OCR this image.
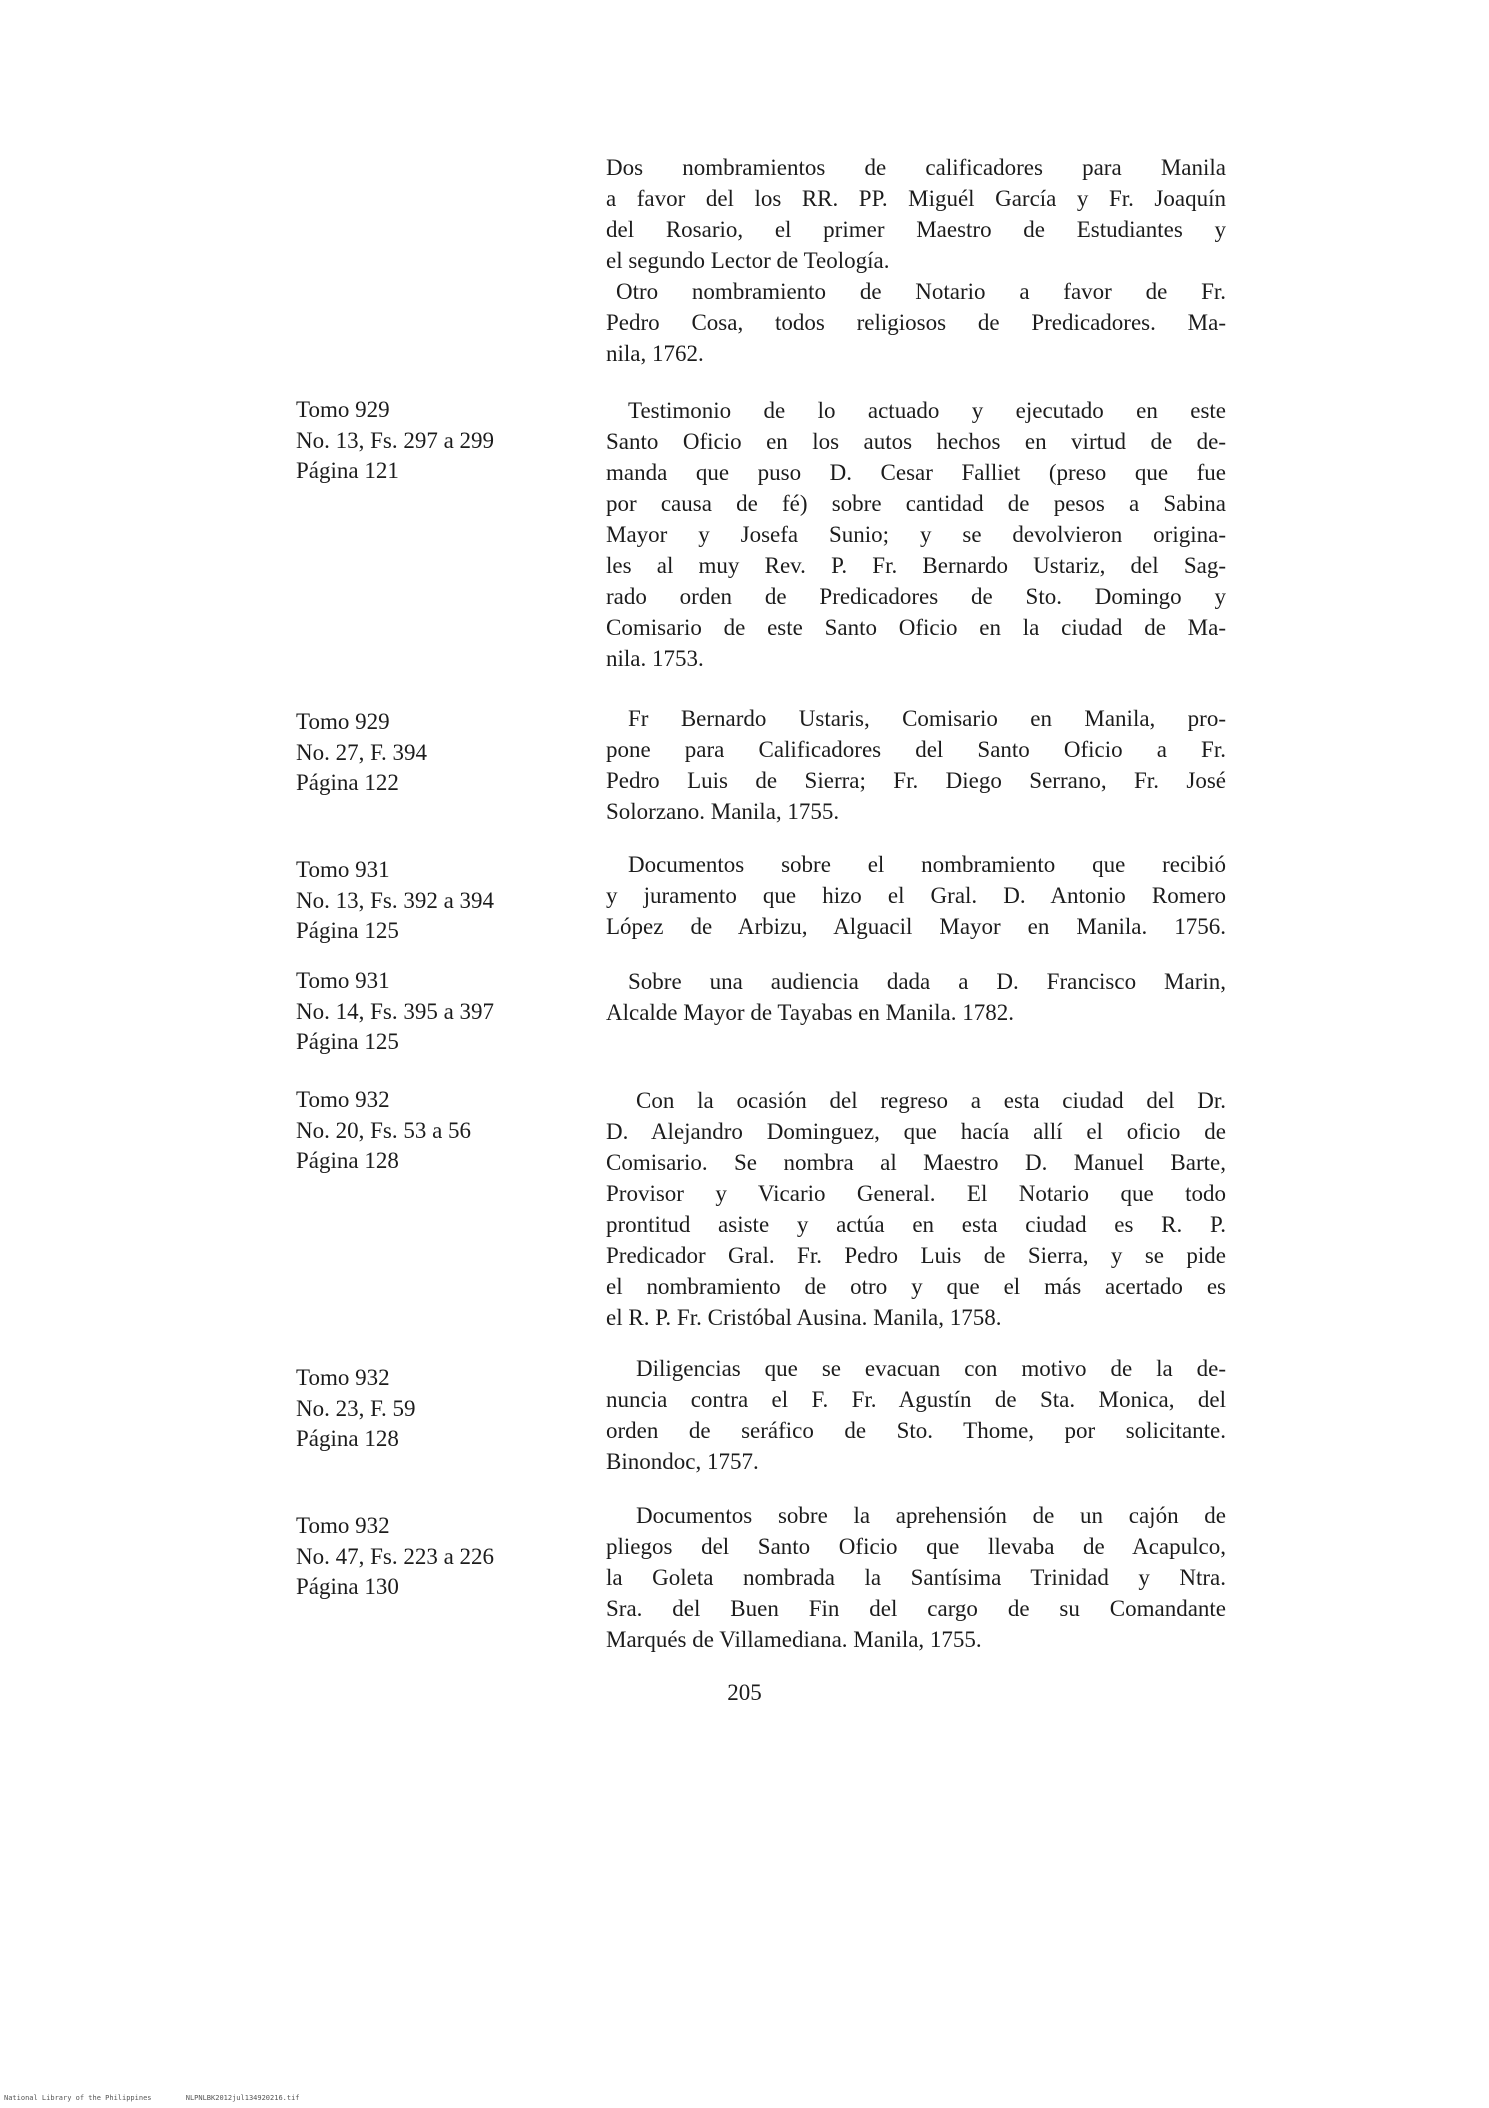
Dos nombramientos de calificadores para Manila
a favor del los RR. PP. Miguél García y Fr. Joaquín
del Rosario, el primer Maestro de Estudiantes y
el segundo Lector de Teología.
Otro nombramiento de Notario a favor de Fr.
Pedro Cosa, todos religiosos de Predicadores. Ma-
nila, 1762.
Tomo 929
No. 13, Fs. 297 a 299
Página 121
Testimonio de lo actuado y ejecutado en este
Santo Oficio en los autos hechos en virtud de de-
manda que puso D. Cesar Falliet (preso que fue
por causa de fé) sobre cantidad de pesos a Sabina
Mayor y Josefa Sunio; y se devolvieron origina-
les al muy Rev. P. Fr. Bernardo Ustariz, del Sag-
rado orden de Predicadores de Sto. Domingo y
Comisario de este Santo Oficio en la ciudad de Ma-
nila. 1753.
Tomo 929
No. 27, F. 394
Página 122
Fr Bernardo Ustaris, Comisario en Manila, pro-
pone para Calificadores del Santo Oficio a Fr.
Pedro Luis de Sierra; Fr. Diego Serrano, Fr. José
Solorzano. Manila, 1755.
Tomo 931
No. 13, Fs. 392 a 394
Página 125
Documentos sobre el nombramiento que recibió
y juramento que hizo el Gral. D. Antonio Romero
López de Arbizu, Alguacil Mayor en Manila. 1756.
Tomo 931
No. 14, Fs. 395 a 397
Página 125
Sobre una audiencia dada a D. Francisco Marin,
Alcalde Mayor de Tayabas en Manila. 1782.
Tomo 932
No. 20, Fs. 53 a 56
Página 128
Con la ocasión del regreso a esta ciudad del Dr.
D. Alejandro Dominguez, que hacía allí el oficio de
Comisario. Se nombra al Maestro D. Manuel Barte,
Provisor y Vicario General. El Notario que todo
prontitud asiste y actúa en esta ciudad es R. P.
Predicador Gral. Fr. Pedro Luis de Sierra, y se pide
el nombramiento de otro y que el más acertado es
el R. P. Fr. Cristóbal Ausina. Manila, 1758.
Tomo 932
No. 23, F. 59
Página 128
Diligencias que se evacuan con motivo de la de-
nuncia contra el F. Fr. Agustín de Sta. Monica, del
orden de seráfico de Sto. Thome, por solicitante.
Binondoc, 1757.
Tomo 932
No. 47, Fs. 223 a 226
Página 130
Documentos sobre la aprehensión de un cajón de
pliegos del Santo Oficio que llevaba de Acapulco,
la Goleta nombrada la Santísima Trinidad y Ntra.
Sra. del Buen Fin del cargo de su Comandante
Marqués de Villamediana. Manila, 1755.
205
National Library of the Philippines	NLPNLBK2012jul134920216.tif
